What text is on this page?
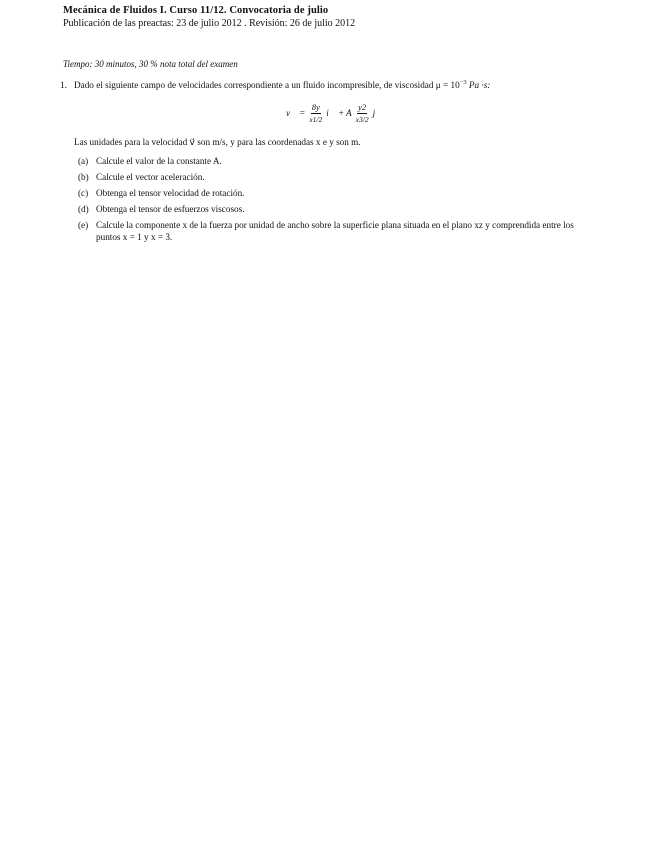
Mecánica de Fluidos I. Curso 11/12. Convocatoria de julio
Publicación de las preactas: 23 de julio 2012 . Revisión: 26 de julio 2012
Tiempo: 30 minutos, 30 % nota total del examen
1. Dado el siguiente campo de velocidades correspondiente a un fluido incompresible, de viscosidad $\mu = 10^{-3}$ Pa ·s:
v⃗ = $\frac{8y}{x1/2}$ i⃗ + A $\frac{y2}{x3/2}$ j⃗
Las unidades para la velocidad v⃗ son m/s, y para las coordenadas x e y son m.
(a) Calcule el valor de la constante A.
(b) Calcule el vector aceleración.
(c) Obtenga el tensor velocidad de rotación.
(d) Obtenga el tensor de esfuerzos viscosos.
(e) Calcule la componente x de la fuerza por unidad de ancho sobre la superficie plana situada en el plano xz y comprendida entre los puntos x = 1 y x = 3.
